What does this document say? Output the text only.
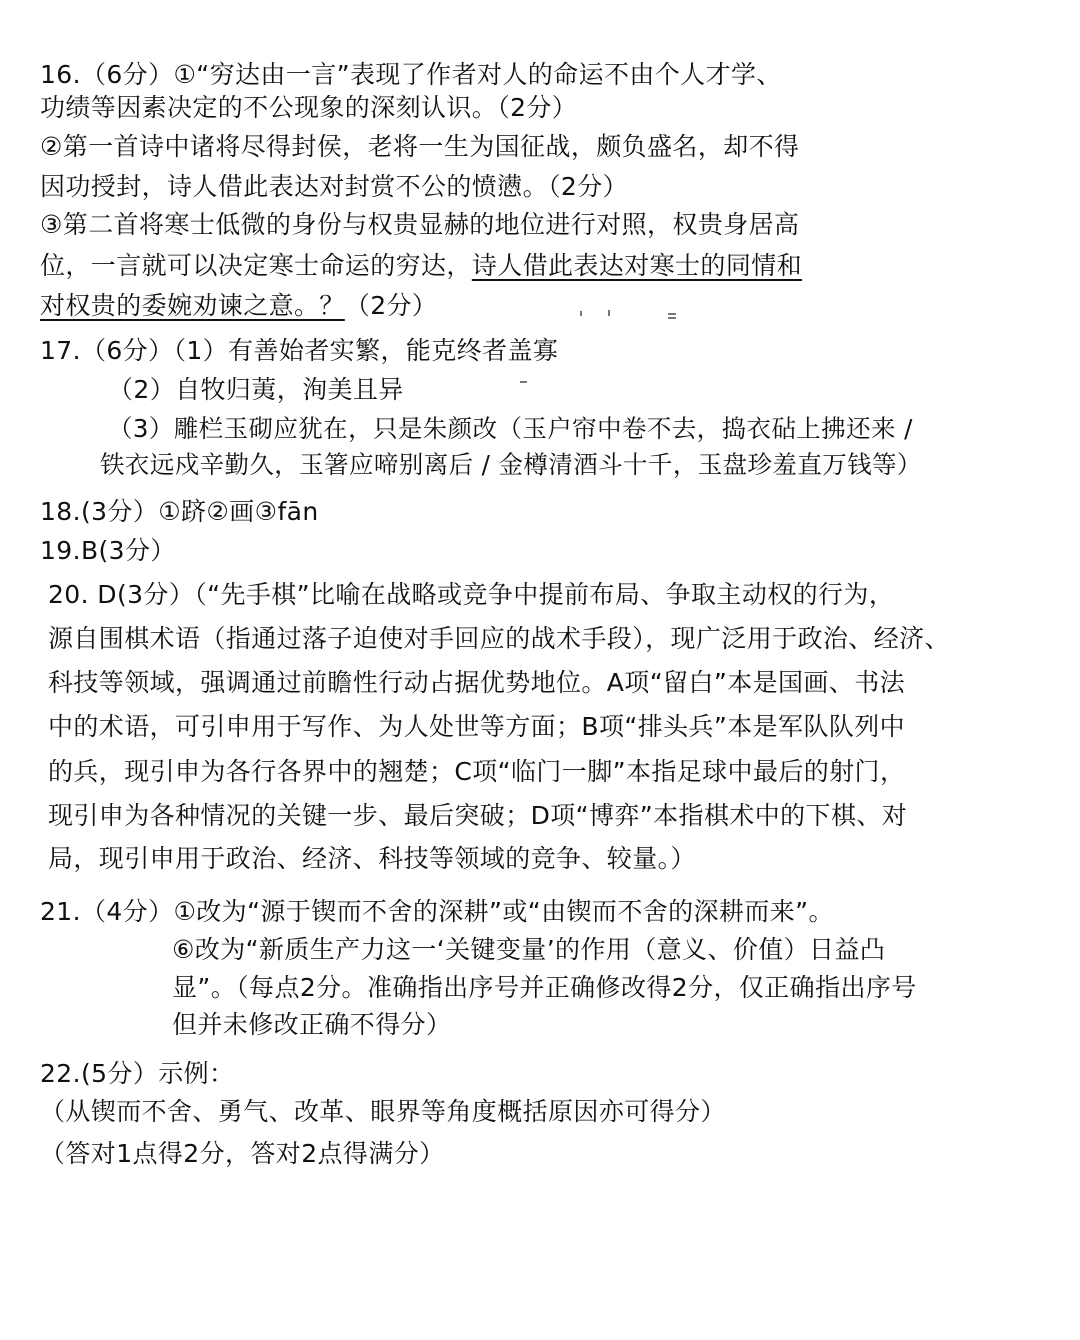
16.（6分）①“穷达由一言”表现了作者对人的命运不由个人才学、
功绩等因素决定的不公现象的深刻认识。（2分）
②第一首诗中诸将尽得封侯，老将一生为国征战，颇负盛名，却不得
因功授封，诗人借此表达对封赏不公的愤懑。（2分）
③第二首将寒士低微的身份与权贵显赫的地位进行对照，权贵身居高
位，一言就可以决定寒士命运的穷达，诗人借此表达对寒士的同情和
对权贵的委婉劝谏之意。？（2分）
17.（6分）（1）有善始者实繁，能克终者盖寡
（2）自牧归荑，洵美且异
（3）雕栏玉砌应犹在，只是朱颜改（玉户帘中卷不去，捣衣砧上拂还来 /
铁衣远戍辛勤久，玉箸应啼别离后 / 金樽清酒斗十千，玉盘珍羞直万钱等）
18.(3分）①跻②画③fān
19.B(3分）
20. D(3分）（“先手棋”比喻在战略或竞争中提前布局、争取主动权的行为，
源自围棋术语（指通过落子迫使对手回应的战术手段），现广泛用于政治、经济、
科技等领域，强调通过前瞻性行动占据优势地位。A项“留白”本是国画、书法
中的术语，可引申用于写作、为人处世等方面；B项“排头兵”本是军队队列中
的兵，现引申为各行各界中的翘楚；C项“临门一脚”本指足球中最后的射门，
现引申为各种情况的关键一步、最后突破；D项“博弈”本指棋术中的下棋、对
局，现引申用于政治、经济、科技等领域的竞争、较量。）
21.（4分）①改为“源于锲而不舍的深耕”或“由锲而不舍的深耕而来”。
⑥改为“新质生产力这一‘关键变量’的作用（意义、价值）日益凸
显”。（每点2分。准确指出序号并正确修改得2分，仅正确指出序号
但并未修改正确不得分）
22.(5分）示例：
（从锲而不舍、勇气、改革、眼界等角度概括原因亦可得分）
（答对1点得2分，答对2点得满分）
